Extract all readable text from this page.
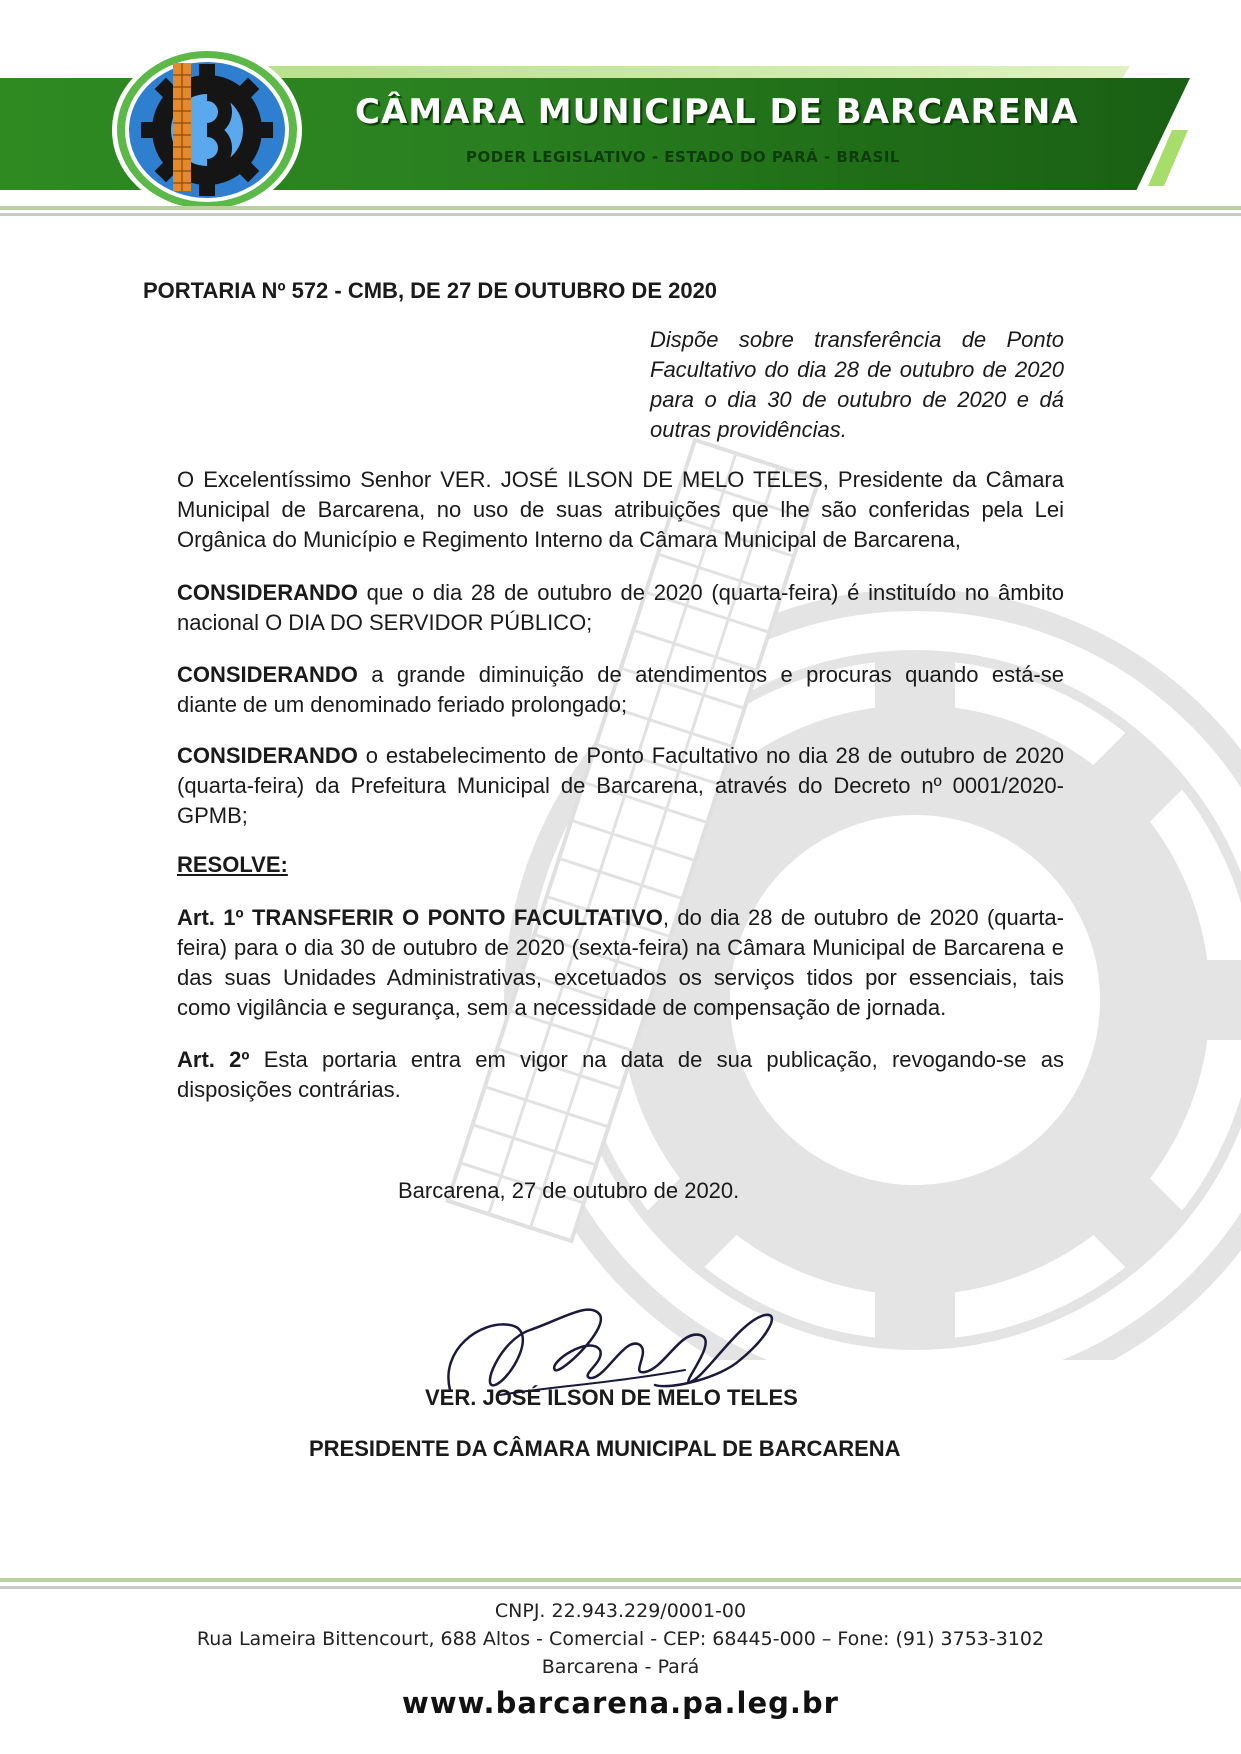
CÂMARA MUNICIPAL DE BARCARENA
PODER LEGISLATIVO - ESTADO DO PARÁ - BRASIL
PORTARIA Nº 572 - CMB, DE 27 DE OUTUBRO DE 2020
Dispõe sobre transferência de Ponto Facultativo do dia 28 de outubro de 2020 para o dia 30 de outubro de 2020 e dá outras providências.
O Excelentíssimo Senhor VER. JOSÉ ILSON DE MELO TELES, Presidente da Câmara Municipal de Barcarena, no uso de suas atribuições que lhe são conferidas pela Lei Orgânica do Município e Regimento Interno da Câmara Municipal de Barcarena,
CONSIDERANDO que o dia 28 de outubro de 2020 (quarta-feira) é instituído no âmbito nacional O DIA DO SERVIDOR PÚBLICO;
CONSIDERANDO a grande diminuição de atendimentos e procuras quando está-se diante de um denominado feriado prolongado;
CONSIDERANDO o estabelecimento de Ponto Facultativo no dia 28 de outubro de 2020 (quarta-feira) da Prefeitura Municipal de Barcarena, através do Decreto nº 0001/2020-GPMB;
RESOLVE:
Art. 1º TRANSFERIR O PONTO FACULTATIVO, do dia 28 de outubro de 2020 (quarta-feira) para o dia 30 de outubro de 2020 (sexta-feira) na Câmara Municipal de Barcarena e das suas Unidades Administrativas, excetuados os serviços tidos por essenciais, tais como vigilância e segurança, sem a necessidade de compensação de jornada.
Art. 2º Esta portaria entra em vigor na data de sua publicação, revogando-se as disposições contrárias.
Barcarena, 27 de outubro de 2020.
VER. JOSÉ ILSON DE MELO TELES
PRESIDENTE DA CÂMARA MUNICIPAL DE BARCARENA
CNPJ. 22.943.229/0001-00
Rua Lameira Bittencourt, 688 Altos - Comercial - CEP: 68445-000 – Fone: (91) 3753-3102
Barcarena - Pará
www.barcarena.pa.leg.br
